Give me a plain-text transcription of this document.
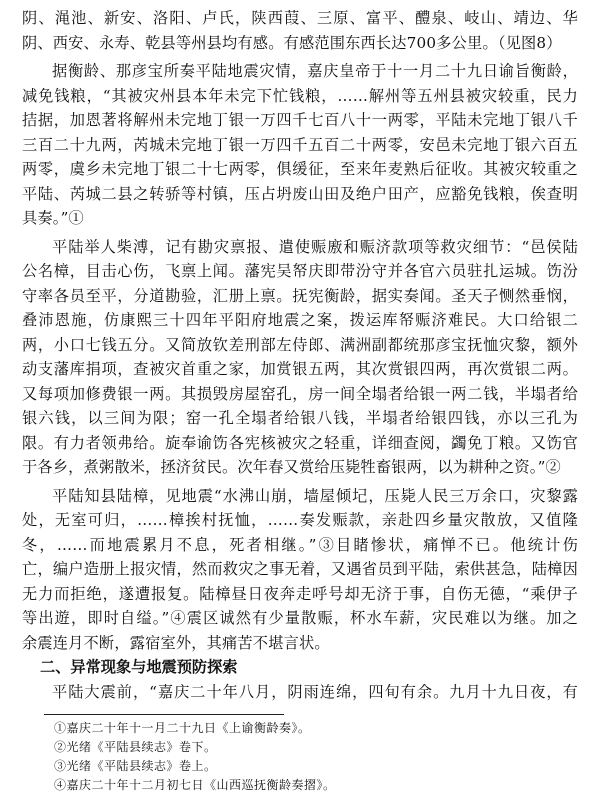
阴、渑池、新安、洛阳、卢氏，陕西葭、三原、富平、醴泉、岐山、靖边、华
阴、西安、永寿、乾县等州县均有感。有感范围东西长达700多公里。（见图8）
据衡龄、那彦宝所奏平陆地震灾情，嘉庆皇帝于十一月二十九日谕旨衡龄，
减免钱粮，“其被灾州县本年未完下忙钱粮，……解州等五州县被灾较重，民力
拮据，加恩著将解州未完地丁银一万四千七百八十一两零，平陆未完地丁银八千
三百二十九两，芮城未完地丁银一万四千五百二十两零，安邑未完地丁银六百五
两零，虞乡未完地丁银二十七两零，俱缓征，至来年麦熟后征收。其被灾较重之
平陆、芮城二县之转骄等村镇，压占坍废山田及绝户田产，应豁免钱粮，俟查明
具奏。”①
平陆举人柴溥，记有勘灾禀报、遣使赈廒和赈济款项等救灾细节：“邑侯陆
公名樟，目击心伤，飞禀上闻。藩宪吴帑庆即带汾守并各官六员驻扎运城。饬汾
守率各员至平，分道勘验，汇册上禀。抚宪衡龄，据实奏闻。圣天子恻然垂悯，
叠沛恩施，仿康熙三十四年平阳府地震之案，拨运库帑赈济难民。大口给银二
两，小口七钱五分。又简放钦差刑部左侍郎、满洲副都统那彦宝抚恤灾黎，额外
动支藩库捐项，查被灾首重之家，加赏银五两，其次赏银四两，再次赏银二两。
又每项加修费银一两。其损毁房屋窑孔，房一间全塌者给银一两二钱，半塌者给
银六钱，以三间为限；窑一孔全塌者给银八钱，半塌者给银四钱，亦以三孔为
限。有力者领弗给。旋奉谕饬各宪核被灾之轻重，详细查阅，蠲免丁粮。又饬官
于各乡，煮粥散米，拯济贫民。次年春又赏给压毙牲畜银两，以为耕种之资。”②
平陆知县陆樟，见地震“水沸山崩，墙屋倾圮，压毙人民三万余口，灾黎露
处，无室可归，……樟挨村抚恤，……奏发赈款，亲赴四乡量灾散放，又值隆
冬，……而地震累月不息，死者相继。”③目睹惨状，痛惮不已。他统计伤
亡，编户造册上报灾情，然而救灾之事无着，又遇省员到平陆，索供甚急，陆樟因
无力而拒绝，遂遭报复。陆樟昼日夜奔走呼号却无济于事，自伤无德，“乘伊子
等出遊，即时自缢。”④震区诚然有少量散赈，杯水车薪，灾民难以为继。加之
余震连月不断，露宿室外，其痛苦不堪言状。
二、异常现象与地震预防探索
平陆大震前，“嘉庆二十年八月，阴雨连绵，四旬有余。九月十九日夜，有
①嘉庆二十年十一月二十九日《上谕衡龄奏》。
②光绪《平陆县续志》卷下。
③光绪《平陆县续志》卷上。
④嘉庆二十年十二月初七日《山西巡抚衡龄奏摺》。
